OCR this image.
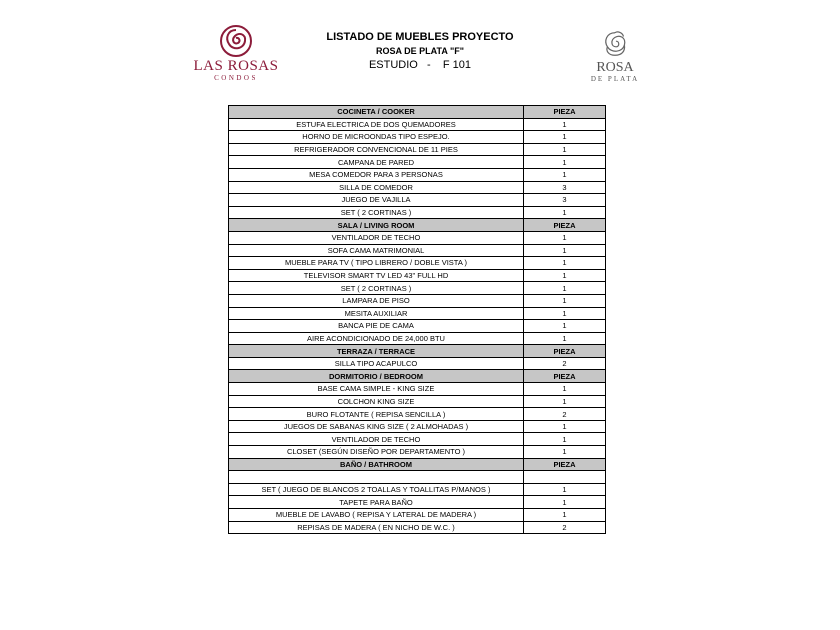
LAS ROSAS
CONDOS
LISTADO DE MUEBLES PROYECTO
ROSA DE PLATA "F"
ESTUDIO   -    F 101	ROSA
DE PLATA
COCINETA / COOKER	PIEZA
ESTUFA ELECTRICA DE DOS QUEMADORES	1
HORNO DE MICROONDAS TIPO ESPEJO.	1
REFRIGERADOR CONVENCIONAL DE 11 PIES	1
CAMPANA DE PARED	1
MESA COMEDOR PARA 3 PERSONAS	1
SILLA DE COMEDOR	3
JUEGO DE VAJILLA	3
SET ( 2 CORTINAS )	1
SALA / LIVING ROOM	PIEZA
VENTILADOR DE TECHO	1
SOFA CAMA MATRIMONIAL	1
MUEBLE PARA TV ( TIPO LIBRERO / DOBLE VISTA )	1
TELEVISOR SMART TV LED 43" FULL HD	1
SET ( 2 CORTINAS )	1
LAMPARA DE PISO	1
MESITA AUXILIAR	1
BANCA PIE DE CAMA	1
AIRE ACONDICIONADO DE 24,000 BTU	1
TERRAZA / TERRACE	PIEZA
SILLA TIPO ACAPULCO	2
DORMITORIO / BEDROOM	PIEZA
BASE CAMA SIMPLE - KING SIZE	1
COLCHON KING SIZE	1
BURO FLOTANTE ( REPISA SENCILLA )	2
JUEGOS DE SABANAS KING SIZE ( 2 ALMOHADAS )	1
VENTILADOR DE TECHO	1
CLOSET (SEGÚN DISEÑO POR DEPARTAMENTO )	1
BAÑO / BATHROOM	PIEZA

SET ( JUEGO DE BLANCOS 2 TOALLAS Y TOALLITAS P/MANOS )	1
TAPETE PARA BAÑO	1
MUEBLE DE LAVABO ( REPISA Y LATERAL DE MADERA )	1
REPISAS DE MADERA ( EN NICHO DE W.C. )	2
